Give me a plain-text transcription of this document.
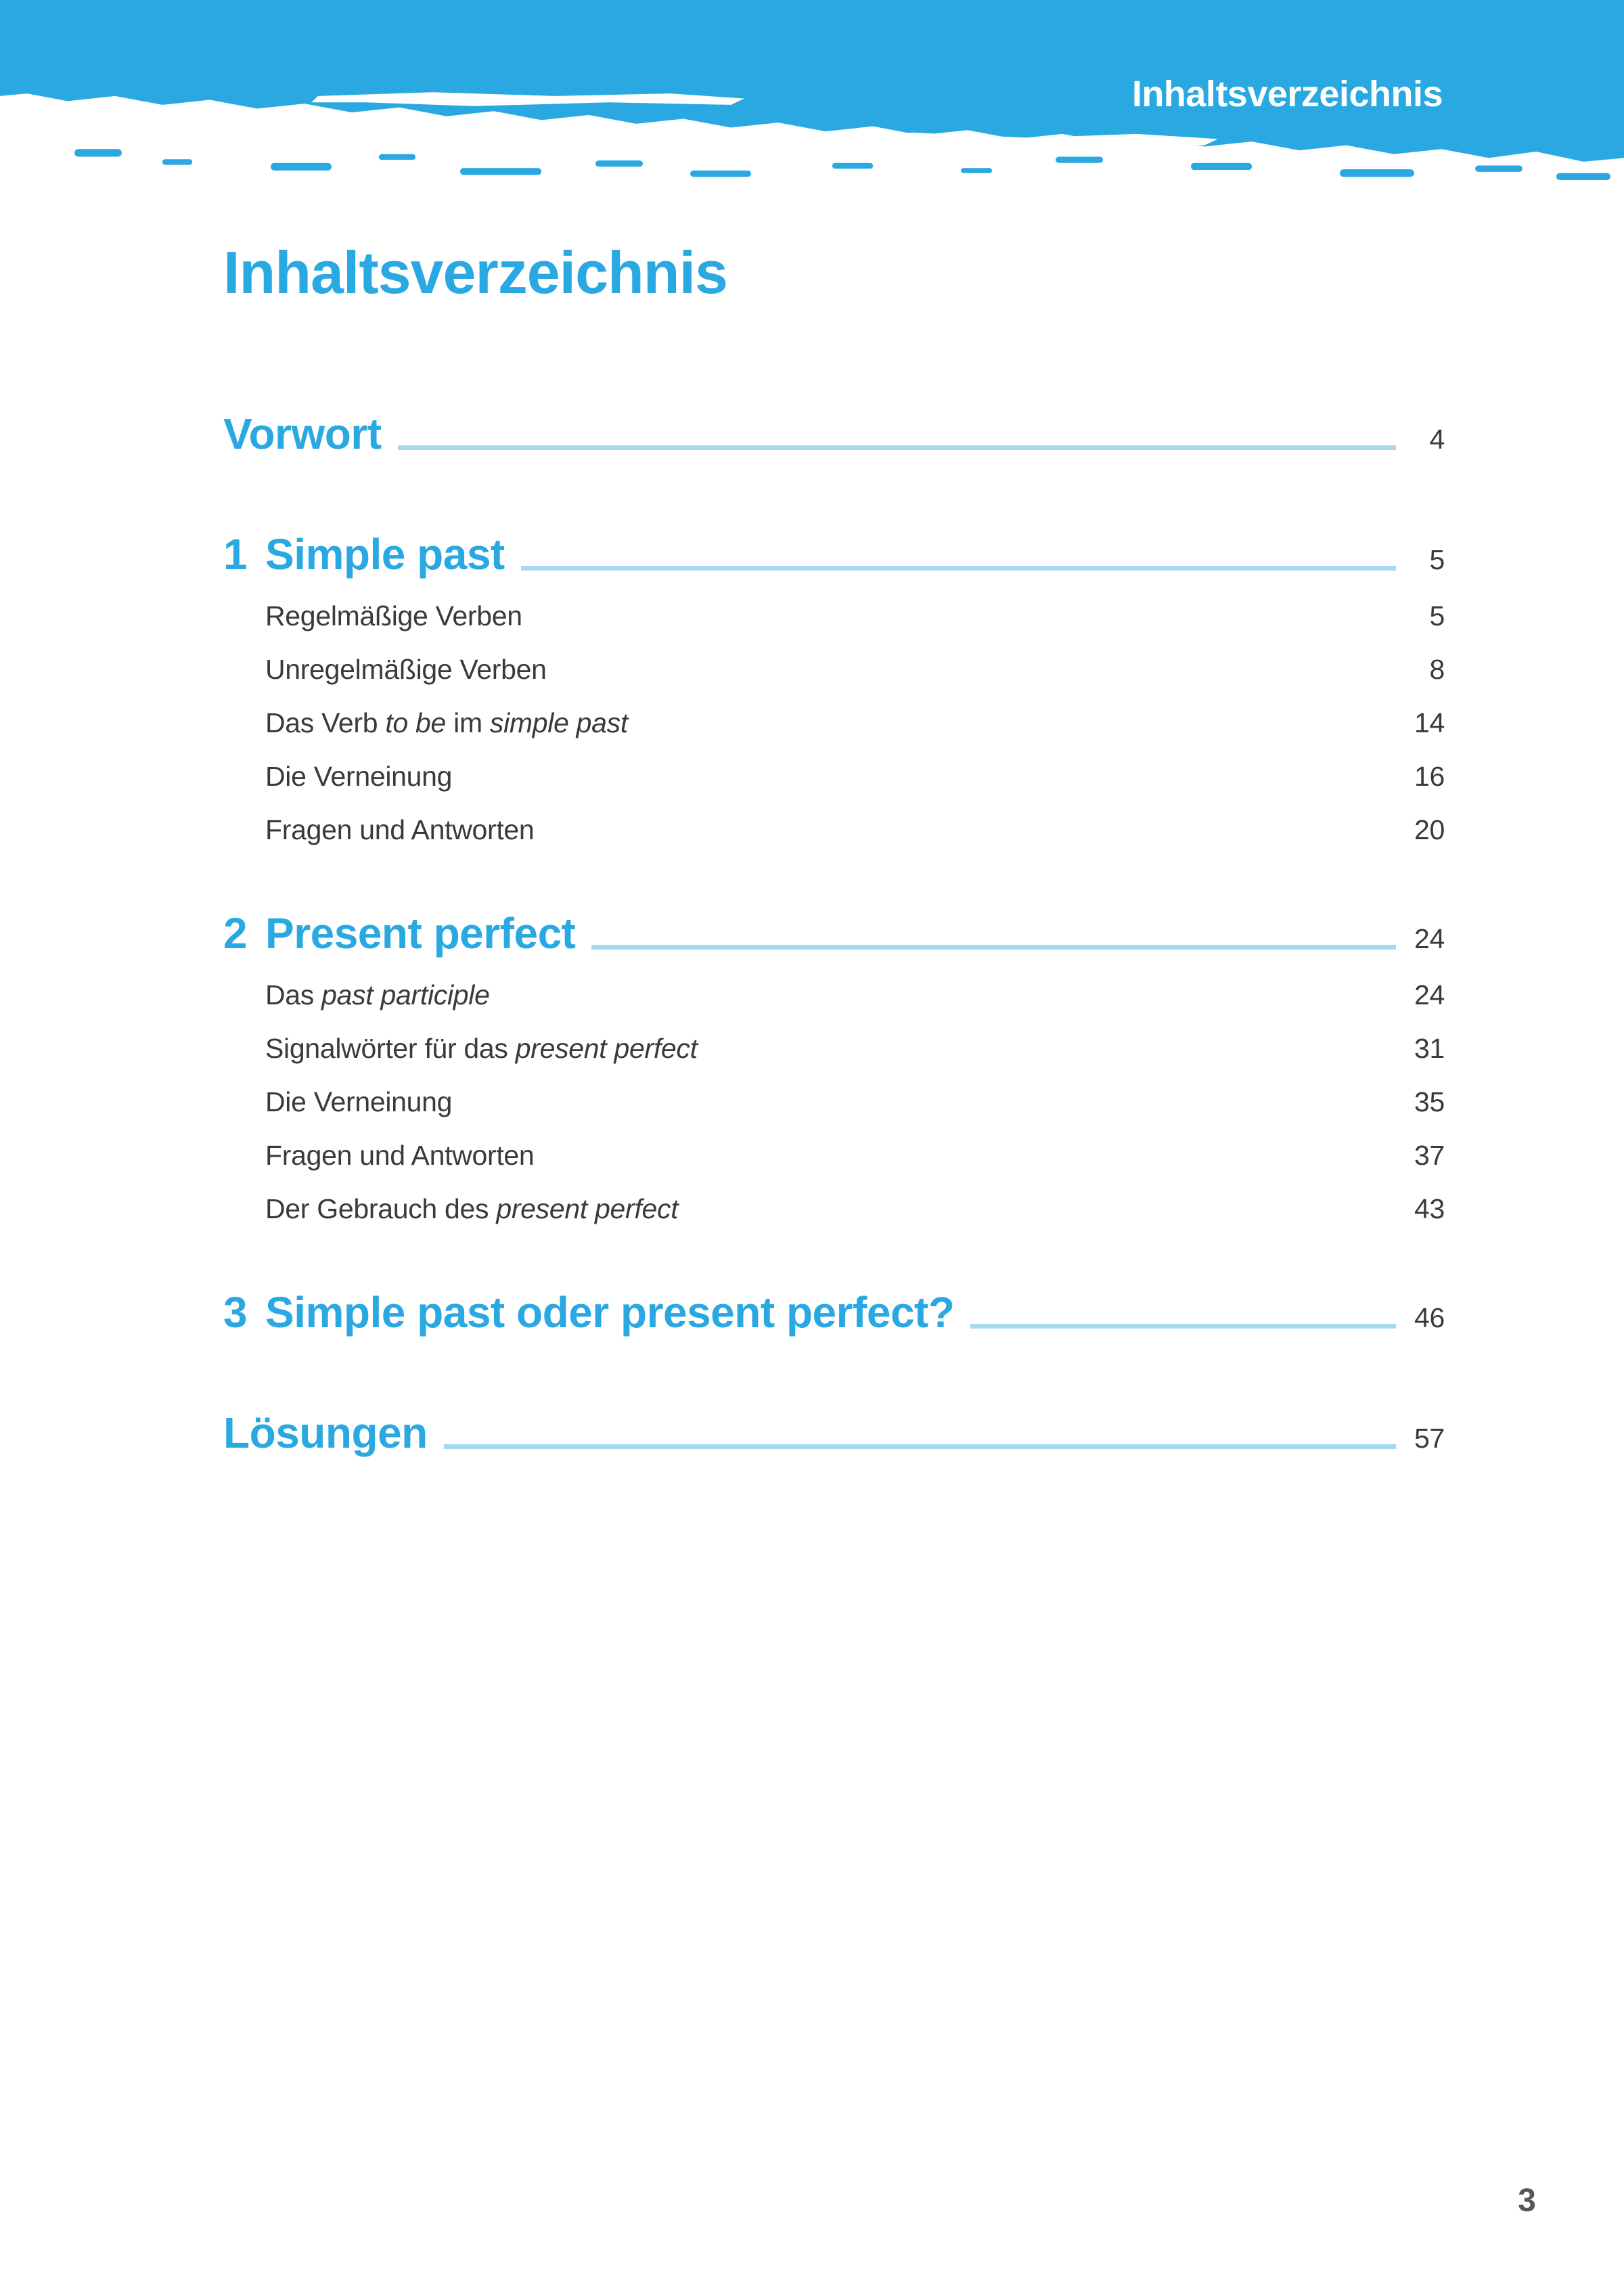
Inhaltsverzeichnis
Inhaltsverzeichnis
Vorwort	4
1 Simple past	5
Regelmäßige Verben	5
Unregelmäßige Verben	8
Das Verb to be im simple past	14
Die Verneinung	16
Fragen und Antworten	20
2 Present perfect	24
Das past participle	24
Signalwörter für das present perfect	31
Die Verneinung	35
Fragen und Antworten	37
Der Gebrauch des present perfect	43
3 Simple past oder present perfect?	46
Lösungen	57
3
